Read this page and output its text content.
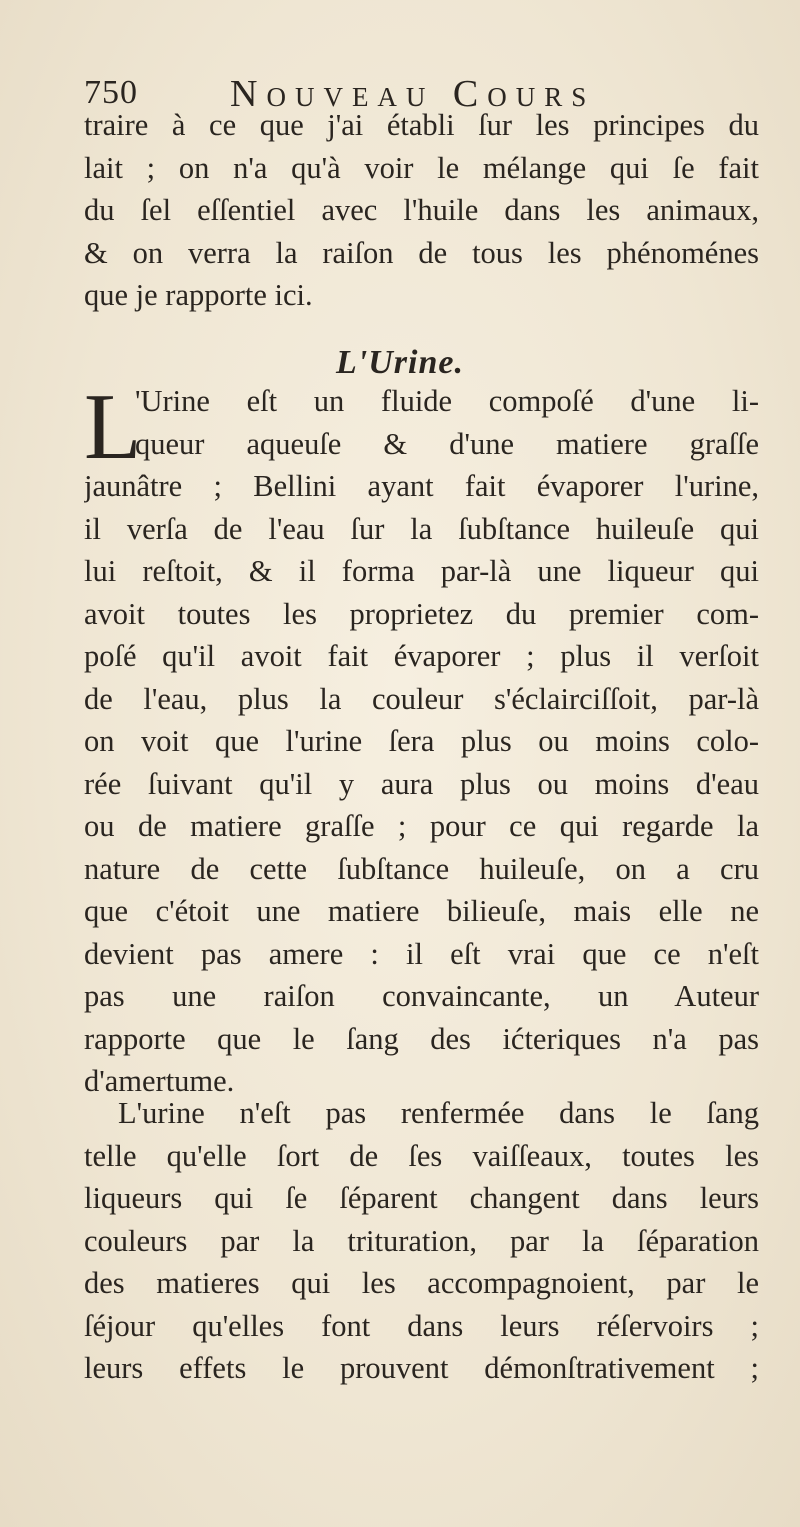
750 Nouveau Cours
traire à ce que j'ai établi ſur les principes du
lait ; on n'a qu'à voir le mélange qui ſe fait
du ſel eſſentiel avec l'huile dans les animaux,
& on verra la raiſon de tous les phénoménes
que je rapporte ici.
L'Urine.
L
'Urine eſt un fluide compoſé d'une li-
queur aqueuſe & d'une matiere graſſe
jaunâtre ; Bellini ayant fait évaporer l'urine,
il verſa de l'eau ſur la ſubſtance huileuſe qui
lui reſtoit, & il forma par-là une liqueur qui
avoit toutes les proprietez du premier com-
poſé qu'il avoit fait évaporer ; plus il verſoit
de l'eau, plus la couleur s'éclairciſſoit, par-là
on voit que l'urine ſera plus ou moins colo-
rée ſuivant qu'il y aura plus ou moins d'eau
ou de matiere graſſe ; pour ce qui regarde la
nature de cette ſubſtance huileuſe, on a cru
que c'étoit une matiere bilieuſe, mais elle ne
devient pas amere : il eſt vrai que ce n'eſt
pas une raiſon convaincante, un Auteur
rapporte que le ſang des ićteriques n'a pas
d'amertume.
L'urine n'eſt pas renfermée dans le ſang
telle qu'elle ſort de ſes vaiſſeaux, toutes les
liqueurs qui ſe ſéparent changent dans leurs
couleurs par la trituration, par la ſéparation
des matieres qui les accompagnoient, par le
ſéjour qu'elles font dans leurs réſervoirs ;
leurs effets le prouvent démonſtrativement ;
